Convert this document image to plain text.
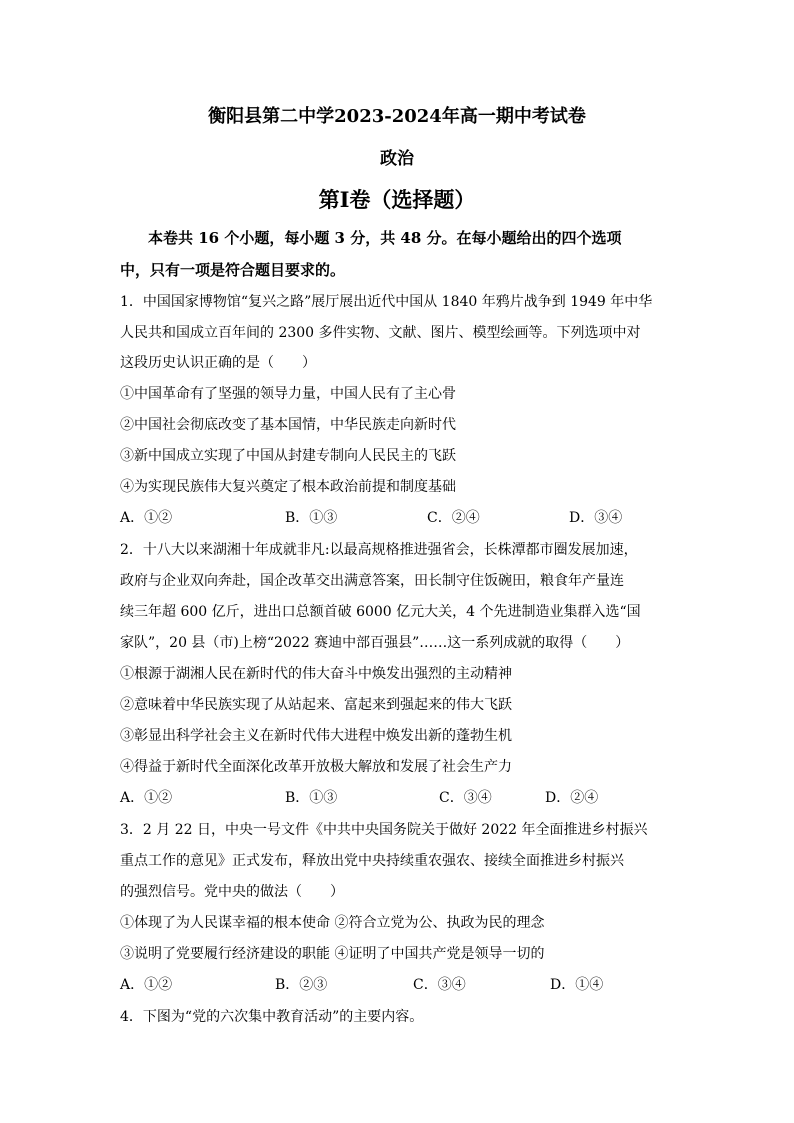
衡阳县第二中学2023-2024年高一期中考试卷
政治
第Ⅰ卷（选择题）
本卷共 16 个小题，每小题 3 分，共 48 分。在每小题给出的四个选项
中，只有一项是符合题目要求的。
1．中国国家博物馆“复兴之路”展厅展出近代中国从 1840 年鸦片战争到 1949 年中华
人民共和国成立百年间的 2300 多件实物、文献、图片、模型绘画等。下列选项中对
这段历史认识正确的是（　　）
①中国革命有了坚强的领导力量，中国人民有了主心骨
②中国社会彻底改变了基本国情，中华民族走向新时代
③新中国成立实现了中国从封建专制向人民民主的飞跃
④为实现民族伟大复兴奠定了根本政治前提和制度基础
A．①②	B．①③	C．②④	D．③④
2．十八大以来湖湘十年成就非凡:以最高规格推进强省会，长株潭都市圈发展加速，
政府与企业双向奔赴，国企改革交出满意答案，田长制守住饭碗田，粮食年产量连
续三年超 600 亿斤，进出口总额首破 6000 亿元大关，4 个先进制造业集群入选“国
家队”，20 县（市)上榜“2022 赛迪中部百强县”……这一系列成就的取得（　　）
①根源于湖湘人民在新时代的伟大奋斗中焕发出强烈的主动精神
②意味着中华民族实现了从站起来、富起来到强起来的伟大飞跃
③彰显出科学社会主义在新时代伟大进程中焕发出新的蓬勃生机
④得益于新时代全面深化改革开放极大解放和发展了社会生产力
A．①②	B．①③	C．③④	D．②④
3．2 月 22 日，中央一号文件《中共中央国务院关于做好 2022 年全面推进乡村振兴
重点工作的意见》正式发布，释放出党中央持续重农强农、接续全面推进乡村振兴
的强烈信号。党中央的做法（　　）
①体现了为人民谋幸福的根本使命 ②符合立党为公、执政为民的理念
③说明了党要履行经济建设的职能 ④证明了中国共产党是领导一切的
A．①②	B．②③	C．③④	D．①④
4．下图为“党的六次集中教育活动”的主要内容。
